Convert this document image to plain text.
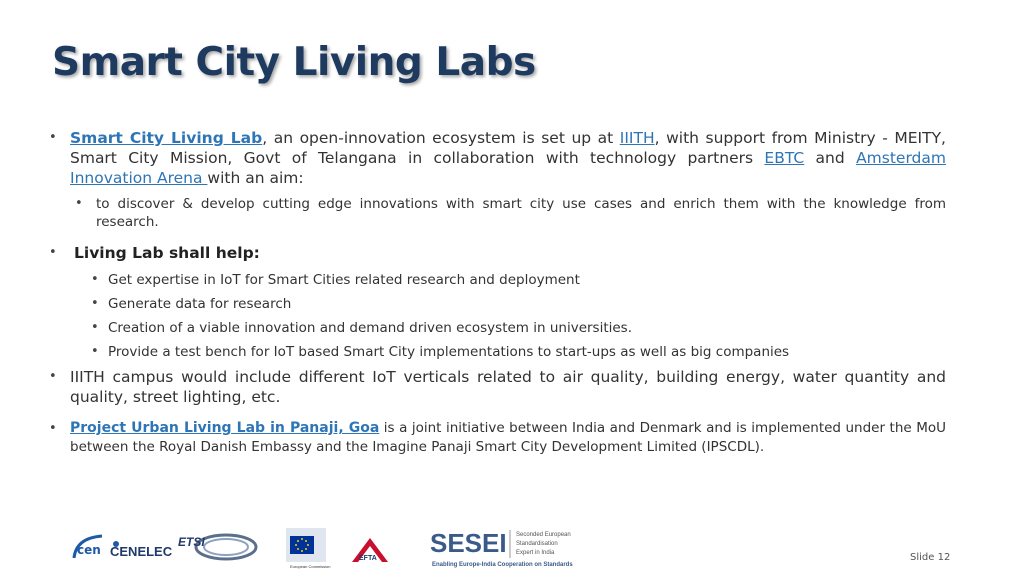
Smart City Living Labs
• Smart City Living Lab, an open-innovation ecosystem is set up at IIITH, with support from Ministry - MEITY, Smart City Mission, Govt of Telangana in collaboration with technology partners EBTC and Amsterdam Innovation Arena with an aim:
• to discover & develop cutting edge innovations with smart city use cases and enrich them with the knowledge from research.
• Living Lab shall help:
• Get expertise in IoT for Smart Cities related research and deployment
• Generate data for research
• Creation of a viable innovation and demand driven ecosystem in universities.
• Provide a test bench for IoT based Smart City implementations to start-ups as well as big companies
• IIITH campus would include different IoT verticals related to air quality, building energy, water quantity and quality, street lighting, etc.
• Project Urban Living Lab in Panaji, Goa is a joint initiative between India and Denmark and is implemented under the MoU between the Royal Danish Embassy and the Imagine Panaji Smart City Development Limited (IPSCDL).
cen CENELEC
ETSI
European Commission
EFTA
SESEI Seconded European
Standardisation
Expert in India
Enabling Europe-India Cooperation on Standards
Slide 12
